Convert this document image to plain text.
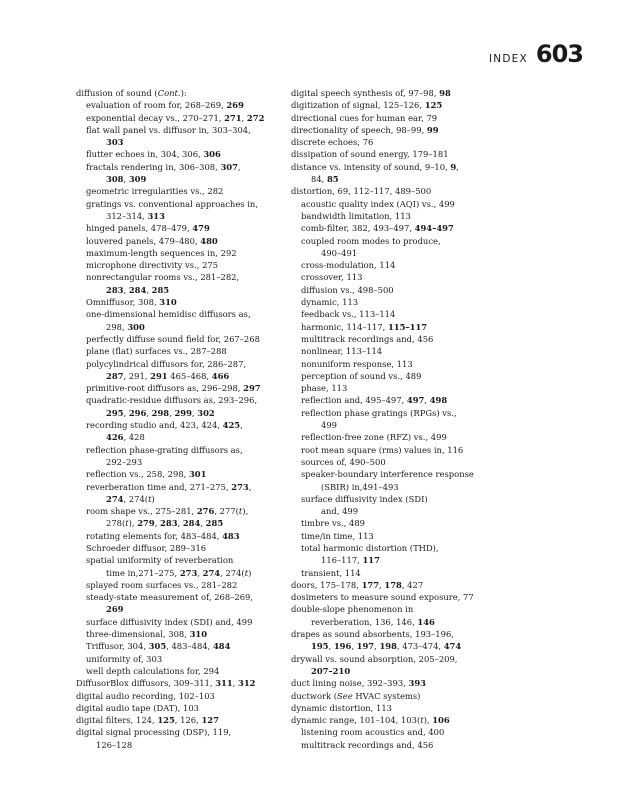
INDEX 603
diffusion of sound (Cont.):
evaluation of room for, 268–269, 269
exponential decay vs., 270–271, 271, 272
flat wall panel vs. diffusor in, 303–304,
303
flutter echoes in, 304, 306, 306
fractals rendering in, 306–308, 307,
308, 309
geometric irregularities vs., 282
gratings vs. conventional approaches in,
312–314, 313
hinged panels, 478–479, 479
louvered panels, 479–480, 480
maximum-length sequences in, 292
microphone directivity vs., 275
nonrectangular rooms vs., 281–282,
283, 284, 285
Omniffusor, 308, 310
one-dimensional hemidisc diffusors as,
298, 300
perfectly diffuse sound field for, 267–268
plane (flat) surfaces vs., 287–288
polycylindrical diffusors for, 286–287,
287, 291, 291 465–468, 466
primitive-root diffusors as, 296–298, 297
quadratic-residue diffusors as, 293–296,
295, 296, 298, 299, 302
recording studio and, 423, 424, 425,
426, 428
reflection phase-grating diffusors as,
292–293
reflection vs., 258, 298, 301
reverberation time and, 271–275, 273,
274, 274(t)
room shape vs., 275–281, 276, 277(t),
278(t), 279, 283, 284, 285
rotating elements for, 483–484, 483
Schroeder diffusor, 289–316
spatial uniformity of reverberation
time in,271–275, 273, 274, 274(t)
splayed room surfaces vs., 281–282
steady-state measurement of, 268–269,
269
surface diffusivity index (SDI) and, 499
three-dimensional, 308, 310
Triffusor, 304, 305, 483–484, 484
uniformity of, 303
well depth calculations for, 294
DiffusorBlox diffusors, 309–311, 311, 312
digital audio recording, 102–103
digital audio tape (DAT), 103
digital filters, 124, 125, 126, 127
digital signal processing (DSP), 119,
126–128
digital speech synthesis of, 97–98, 98
digitization of signal, 125–126, 125
directional cues for human ear, 79
directionality of speech, 98–99, 99
discrete echoes, 76
dissipation of sound energy, 179–181
distance vs. intensity of sound, 9–10, 9,
84, 85
distortion, 69, 112–117, 489–500
acoustic quality index (AQI) vs., 499
bandwidth limitation, 113
comb-filter, 382, 493–497, 494–497
coupled room modes to produce,
490–491
cross-modulation, 114
crossover, 113
diffusion vs., 498–500
dynamic, 113
feedback vs., 113–114
harmonic, 114–117, 115–117
multitrack recordings and, 456
nonlinear, 113–114
nonuniform response, 113
perception of sound vs., 489
phase, 113
reflection and, 495–497, 497, 498
reflection phase gratings (RPGs) vs.,
499
reflection-free zone (RFZ) vs., 499
root mean square (rms) values in, 116
sources of, 490–500
speaker-boundary interference response
(SBIR) in,491–493
surface diffusivity index (SDI)
and, 499
timbre vs., 489
time/in time, 113
total harmonic distortion (THD),
116–117, 117
transient, 114
doors, 175–178, 177, 178, 427
dosimeters to measure sound exposure, 77
double-slope phenomenon in
reverberation, 136, 146, 146
drapes as sound absorbents, 193–196,
195, 196, 197, 198, 473–474, 474
drywall vs. sound absorption, 205–209,
207–210
duct lining noise, 392–393, 393
ductwork (See HVAC systems)
dynamic distortion, 113
dynamic range, 101–104, 103(t), 106
listening room acoustics and, 400
multitrack recordings and, 456
